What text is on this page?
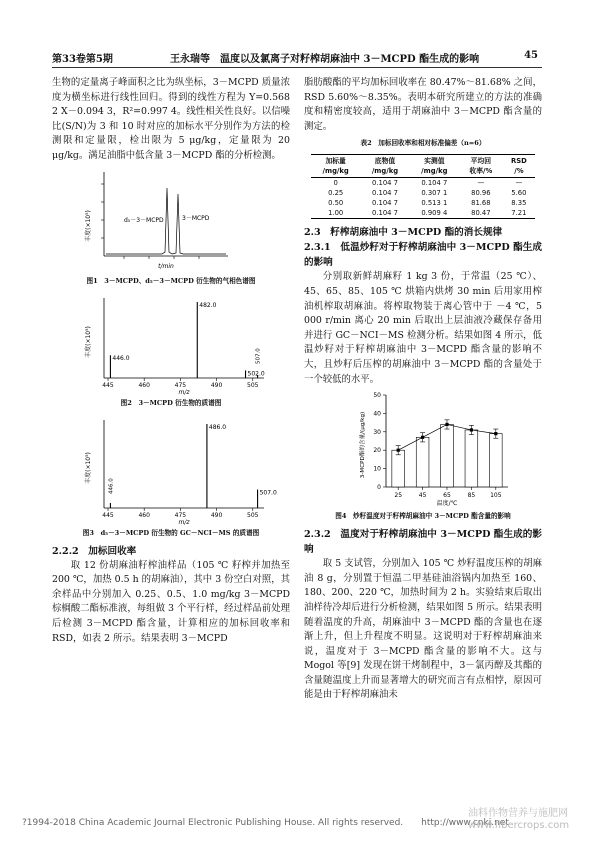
第33卷第5期	王永瑞等　 温度以及氯离子对籽榨胡麻油中 3－MCPD 酯生成的影响	45

生物的定量离子峰面积之比为纵坐标，3－MCPD 质量浓度为横坐标进行线性回归。得到的线性方程为 Y=0.568 2 X－0.094 3，R²=0.997 4。线性相关性良好。以信噪比(S/N)为 3 和 10 时对应的加标水平分别作为方法的检测限和定量限，检出限为 5 μg/kg，定量限为 20 μg/kg。满足油脂中低含量 3－MCPD 酯的分析检测。

丰度(×10⁵)	d₅－3－MCPD	3－MCPD
t/min
图1　3－MCPD、d₅－3－MCPD 衍生物的气相色谱图
446.0
482.0
502.0
507.0
445	460	475	490	505
丰度(×10⁵)
m/z
图2　3－MCPD 衍生物的质谱图
446.0
486.0
507.0
445	460	475	490	505
丰度(×10⁵)
m/z
图3　d₅－3－MCPD 衍生物的 GC－NCI－MS 的质谱图
2.2.2　加标回收率

取 12 份胡麻油籽榨油样品（105 ℃ 籽榨并加热至 200 ℃，加热 0.5 h 的胡麻油），其中 3 份空白对照，其余样品中分别加入 0.25、0.5、1.0 mg/kg 3－MCPD 棕榈酸二酯标准液，每组做 3 个平行样，经过样品前处理后检测 3－MCPD 酯含量，计算相应的加标回收率和 RSD，如表 2 所示。结果表明 3－MCPD

脂肪酸酯的平均加标回收率在 80.47%～81.68% 之间，RSD 5.60%～8.35%。表明本研究所建立的方法的准确度和精密度较高，适用于胡麻油中 3－MCPD 酯含量的测定。

表2　加标回收率和相对标准偏差（n=6）
加标量
/mg/kg	底物值
/mg/kg	实测值
/mg/kg	平均回
收率/%	RSD
/%
0	0.104 7	0.104 7	—	—
0.25	0.104 7	0.307 1	80.96	5.60
0.50	0.104 7	0.513 1	81.68	8.35
1.00	0.104 7	0.909 4	80.47	7.21
2.3　籽榨胡麻油中 3－MCPD 酯的消长规律
2.3.1　低温炒籽对于籽榨胡麻油中 3－MCPD 酯生成的影响

分别取新鲜胡麻籽 1 kg 3 份，于常温（25 ℃）、45、65、85、105 ℃ 烘箱内烘烤 30 min 后用家用榨油机榨取胡麻油。将榨取物装于离心管中于 －4 ℃，5 000 r/min 离心 20 min 后取出上层油液冷藏保存备用并进行 GC－NCI－MS 检测分析。结果如图 4 所示，低温炒籽对于籽榨胡麻油中 3－MCPD 酯含量的影响不大，且炒籽后压榨的胡麻油中 3－MCPD 酯的含量处于一个较低的水平。

0
10
20
30
40
50
25	45	65	85 105
3-MCPD酯的含量/(μg/kg)
温度/℃
图4　炒籽温度对于籽榨胡麻油中 3－MCPD 酯含量的影响
2.3.2　温度对于籽榨胡麻油中 3－MCPD 酯生成的影响

取 5 支试管，分别加入 105 ℃ 炒籽温度压榨的胡麻油 8 g，分别置于恒温二甲基硅油浴锅内加热至 160、180、200、220 ℃，加热时间为 2 h。实验结束后取出油样待冷却后进行分析检测，结果如图 5 所示。结果表明随着温度的升高，胡麻油中 3－MCPD 酯的含量也在逐渐上升，但上升程度不明显。这说明对于籽榨胡麻油来说，温度对于 3－MCPD 酯含量的影响不大。这与 Mogol 等[9] 发现在饼干烤制程中，3－氯丙醇及其酯的含量随温度上升而显著增大的研究而言有点相悖，原因可能是由于籽榨胡麻油未

?1994-2018 China Academic Journal Electronic Publishing House. All rights reserved.　　http://www.cnki.net
油料作物营养与施肥网
www.fibercrops.com
